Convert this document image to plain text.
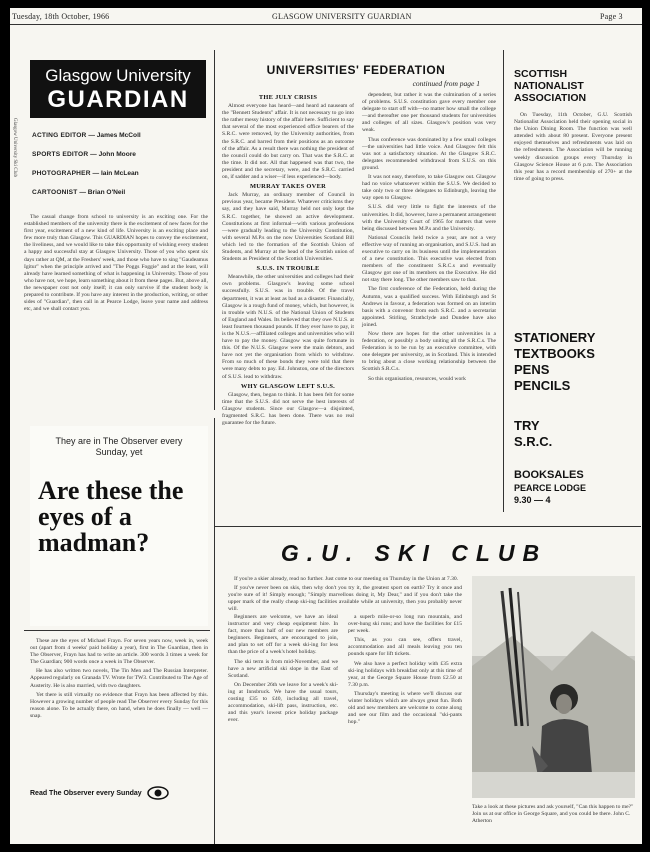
Tuesday, 18th October, 1966	GLASGOW UNIVERSITY GUARDIAN	Page 3
Glasgow University
GUARDIAN
ACTING EDITOR — James McColl
SPORTS EDITOR — John Moore
PHOTOGRAPHER — Iain McLean
CARTOONIST — Brian O'Neil
Glasgow University Ski Club

The casual change from school to university is an exciting one. For the established members of the university there is the excitement of new faces for the first year, excitement of a new kind of life. University is an exciting place and few more truly than Glasgow. This GUARDIAN hopes to convey the excitement, the liveliness, and we would like to take this opportunity of wishing every student a happy and successful stay at Glasgow University. Those of you who spent six days rather at QM, at the Freshers' week, and those who have to sing "Gaudeamus Igitur" when the principle arrived and "The Poggs Foggie" and at the least, will already have learned something of what is happening in University. Those of you who have not, we hope, learn something about it from these pages. But, above all, the newspaper cost not only itself; it can only survive if the student body is prepared to contribute. If you have any interest in the production, writing, or other sides of "Guardian", then call in at Pearce Lodge, leave your name and address etc, and we shall contact you.

UNIVERSITIES' FEDERATION
continued from page 1

THE JULY CRISIS

Almost everyone has heard—and heard ad nauseam of the "Bennett Students" affair. It is not necessary to go into the rather messy history of the affair here. Sufficient to say that several of the most experienced office bearers of the S.R.C. were removed, by the University authorities, from the S.R.C. and barred from their positions as an outcome of the affair. As a result there was nothing the president of the council could do but carry on. That was the S.R.C. at the time. It did not. All that happened was that two, the president and the secretary, were, and the S.R.C. carried on, if sadder and a wiser—if less experienced—body.

MURRAY TAKES OVER

Jack Murray, an ordinary member of Council in previous year, became President. Whatever criticisms they say, and they have said, Murray held not only kept the S.R.C. together, he showed an active development. Constitutions at first informal—with various professions—were gradually leading to the University Constitution, with several M.P.s on the now Universities Scotland Bill which led to the formation of the Scottish Union of Students, and Murray at the head of the Scottish union of Students as President of the Scottish Universities.

S.U.S. IN TROUBLE

Meanwhile, the other universities and colleges had their own problems. Glasgow's leaving some school successfully. S.U.S. was in trouble. Of the travel department, it was at least as bad as a disaster. Financially, Glasgow is a rough fund of money, which, but however, is in trouble with N.U.S. of the National Union of Students of England and Wales. Its believed that they owe N.U.S. at least fourteen thousand pounds. If they ever have to pay, it is the N.U.S.—affiliated colleges and universities who will have to pay the money. Glasgow was quite fortunate in this. Of the N.U.S. Glasgow were the main debtors, and have not yet the organisation from which to withdraw. From so much of these bonds they were told that there were many debts to pay. Ed. Johnston, one of the directors of S.U.S. lead to withdraw.

WHY GLASGOW LEFT S.U.S.

Glasgow, then, began to think. It has been felt for some time that the S.U.S. did not serve the best interests of Glasgow students. Since our Glasgow—a disjointed, fragmented S.R.C. has been done. There was no real guarantee for the future.

dependent, but rather it was the culmination of a series of problems. S.U.S. constitution gave every member one delegate to start off with—no matter how small the college—and thereafter one per thousand students for universities and colleges of all sizes. Glasgow's position was very weak.

Thus conference was dominated by a few small colleges—the universities had little voice. And Glasgow felt this was not a satisfactory situation. At the Glasgow S.R.C. delegates recommended withdrawal from S.U.S. on this ground.

It was not easy, therefore, to take Glasgow out. Glasgow had no voice whatsoever within the S.U.S. We decided to take only two or three delegates to Edinburgh, leaving the way open to Glasgow.

S.U.S. did very little to fight the interests of the universities. It did, however, have a permanent arrangement with the University Court of 1965 for matters that were being discussed between M.P.s and the University.

National Councils held twice a year, are not a very effective way of running an organisation, and S.U.S. had an executive to carry on its business until the implementation of a new constitution. This executive was elected from members of the constituent S.R.C.s and eventually Glasgow got one of its members on the Executive. He did not stay there long. The other members saw to that.

The first conference of the Federation, held during the Autumn, was a qualified success. With Edinburgh and St Andrews in favour, a federation was formed on an interim basis with a convenor from each S.R.C. and a secretariat appointed. Stirling, Strathclyde and Dundee have also joined.

Now there are hopes for the other universities in a federation, or possibly a body uniting all the S.R.C.s. The Federation is to be run by an executive committee, with one delegate per university, as in Scotland. This is intended to bring about a close working relationship between the Scottish S.R.C.s.

So this organisation, resources, would work

SCOTTISH
NATIONALIST
ASSOCIATION

On Tuesday, 11th October, G.U. Scottish Nationalist Association held their opening social in the Union Dining Room. The function was well attended with about 80 present. Everyone present enjoyed themselves and refreshments was laid on the refreshments. The Association will be running weekly discussion groups every Thursday in Glasgow Science House at 6 p.m. The Association this year has a record membership of 270+ at the time of going to press.

STATIONERY
TEXTBOOKS
PENS
PENCILS
TRY
S.R.C.
BOOKSALES
PEARCE LODGE
9.30 — 4
They are in The Observer every Sunday, yet
Are these the eyes of a madman?

These are the eyes of Michael Frayn. For seven years now, week in, week out (apart from 4 weeks' paid holiday a year), first in The Guardian, then in The Observer, Frayn has had to write an article. 300 words 3 times a week for The Guardian; 900 words once a week in The Observer.

He has also written two novels, The Tin Men and The Russian Interpreter. Appeared regularly on Granada TV. Wrote for TW3. Contributed to The Age of Austerity. He is also married, with two daughters.

Yet there is still virtually no evidence that Frayn has been affected by this. However a growing number of people read The Observer every Sunday for this reason alone. To be actually there, on hand, when he does finally — well — snap.

Read The Observer every Sunday
G.U. SKI CLUB

If you're a skier already, read no further. Just come to our meeting on Thursday in the Union at 7.30.

If you've never been on skis, then why don't you try it, the greatest sport on earth? Try it once and you're sure of it! Simply enough; "Simply marvellous doing it, My Dear," and if you don't take the upper mark of the really cheap ski-ing facilities available while at university, then you probably never will.

Beginners are welcome, we have an ideal instructor and very cheap equipment hire. In fact, more than half of our new members are beginners. Beginners, are encouraged to join, and plan to set off for a week ski-ing for less than the price of a week's hotel holiday.

The ski term is from mid-November, and we have a new artificial ski slope in the East of Scotland.

On December 26th we leave for a week's ski-ing at Innsbruck. We have the usual tours, costing £35 to £40, including all travel, accommodation, ski-lift pass, instruction, etc. and this year's lowest price holiday package ever.

a superb mile-or-so long run mountain, and over-hung ski runs; and have the facilities for £15 per week.

This, as you can see, offers travel, accommodation and all meals leaving you ten pounds spare for lift tickets.

We also have a perfect holiday with £35 extra ski-ing holidays with breakfast only at this time of year, at the George Square House from £2.50 at 7.30 p.m.

Thursday's meeting is where we'll discuss our winter holidays which are always great fun. Both old and new members are welcome to come along and see our film and the occasional "ski-pants hop."

Take a look at these pictures and ask yourself, "Can this happen to me?" Join us at our office in George Square, and you could be there. John C. Atherton
